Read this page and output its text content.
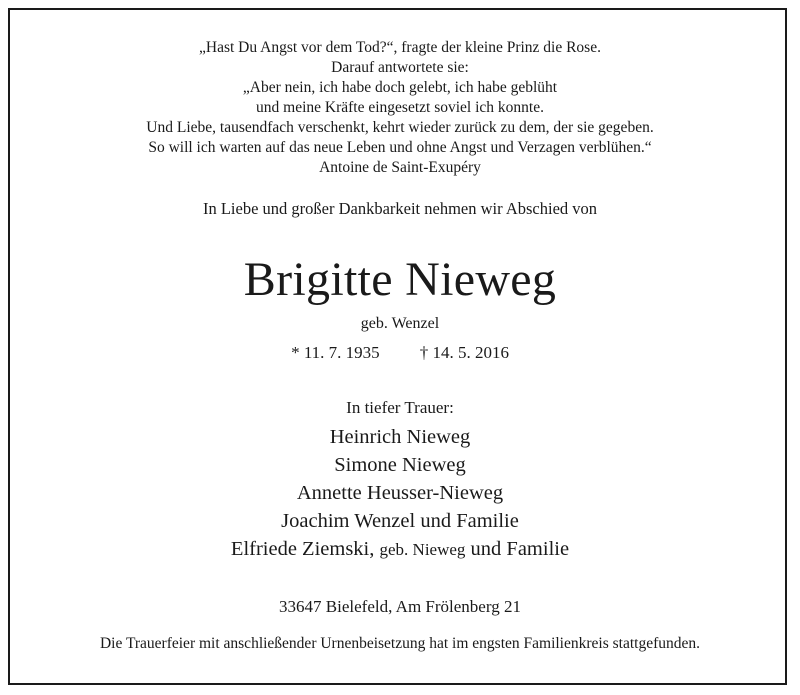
„Hast Du Angst vor dem Tod?“, fragte der kleine Prinz die Rose.
Darauf antwortete sie:
„Aber nein, ich habe doch gelebt, ich habe geblüht
und meine Kräfte eingesetzt soviel ich konnte.
Und Liebe, tausendfach verschenkt, kehrt wieder zurück zu dem, der sie gegeben.
So will ich warten auf das neue Leben und ohne Angst und Verzagen verblühen.“
Antoine de Saint-Exupéry
In Liebe und großer Dankbarkeit nehmen wir Abschied von
Brigitte Nieweg
geb. Wenzel
* 11. 7. 1935 † 14. 5. 2016
In tiefer Trauer:
Heinrich Nieweg
Simone Nieweg
Annette Heusser-Nieweg
Joachim Wenzel und Familie
Elfriede Ziemski, geb. Nieweg und Familie
33647 Bielefeld, Am Frölenberg 21
Die Trauerfeier mit anschließender Urnenbeisetzung hat im engsten Familienkreis stattgefunden.
